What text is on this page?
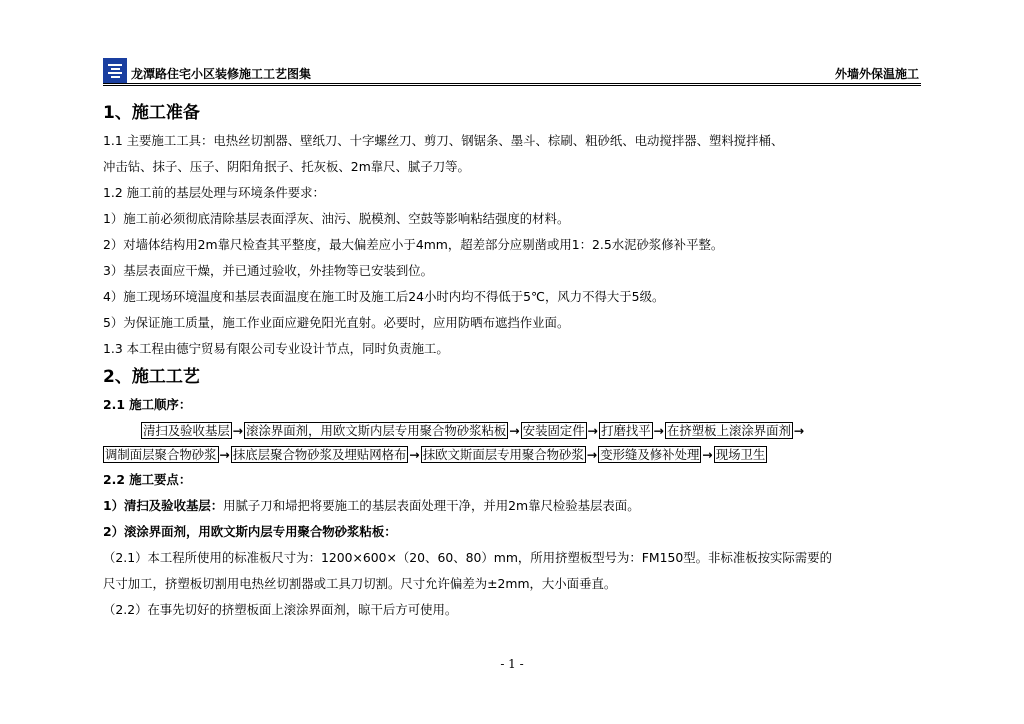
龙潭路住宅小区装修施工工艺图集	外墙外保温施工
1、施工准备
1.1 主要施工工具：电热丝切割器、壁纸刀、十字螺丝刀、剪刀、钢锯条、墨斗、棕刷、粗砂纸、电动搅拌器、塑料搅拌桶、
冲击钻、抹子、压子、阴阳角抿子、托灰板、2m靠尺、腻子刀等。
1.2 施工前的基层处理与环境条件要求：
1）施工前必须彻底清除基层表面浮灰、油污、脱模剂、空鼓等影响粘结强度的材料。
2）对墙体结构用2m靠尺检查其平整度，最大偏差应小于4mm，超差部分应剔凿或用1：2.5水泥砂浆修补平整。
3）基层表面应干燥，并已通过验收，外挂物等已安装到位。
4）施工现场环境温度和基层表面温度在施工时及施工后24小时内均不得低于5℃，风力不得大于5级。
5）为保证施工质量，施工作业面应避免阳光直射。必要时，应用防晒布遮挡作业面。
1.3 本工程由德宁贸易有限公司专业设计节点，同时负责施工。
2、施工工艺
2.1 施工顺序：
清扫及验收基层 → 滚涂界面剂，用欧文斯内层专用聚合物砂浆粘板 → 安装固定件 → 打磨找平 → 在挤塑板上滚涂界面剂 →
调制面层聚合物砂浆 → 抹底层聚合物砂浆及埋贴网格布 → 抹欧文斯面层专用聚合物砂浆 → 变形缝及修补处理 → 现场卫生
2.2 施工要点：
1）清扫及验收基层：用腻子刀和埽把将要施工的基层表面处理干净，并用2m靠尺检验基层表面。
2）滚涂界面剂，用欧文斯内层专用聚合物砂浆粘板：
（2.1）本工程所使用的标准板尺寸为：1200×600×（20、60、80）mm，所用挤塑板型号为：FM150型。非标准板按实际需要的
尺寸加工，挤塑板切割用电热丝切割器或工具刀切割。尺寸允许偏差为±2mm，大小面垂直。
（2.2）在事先切好的挤塑板面上滚涂界面剂，晾干后方可使用。
- 1 -
